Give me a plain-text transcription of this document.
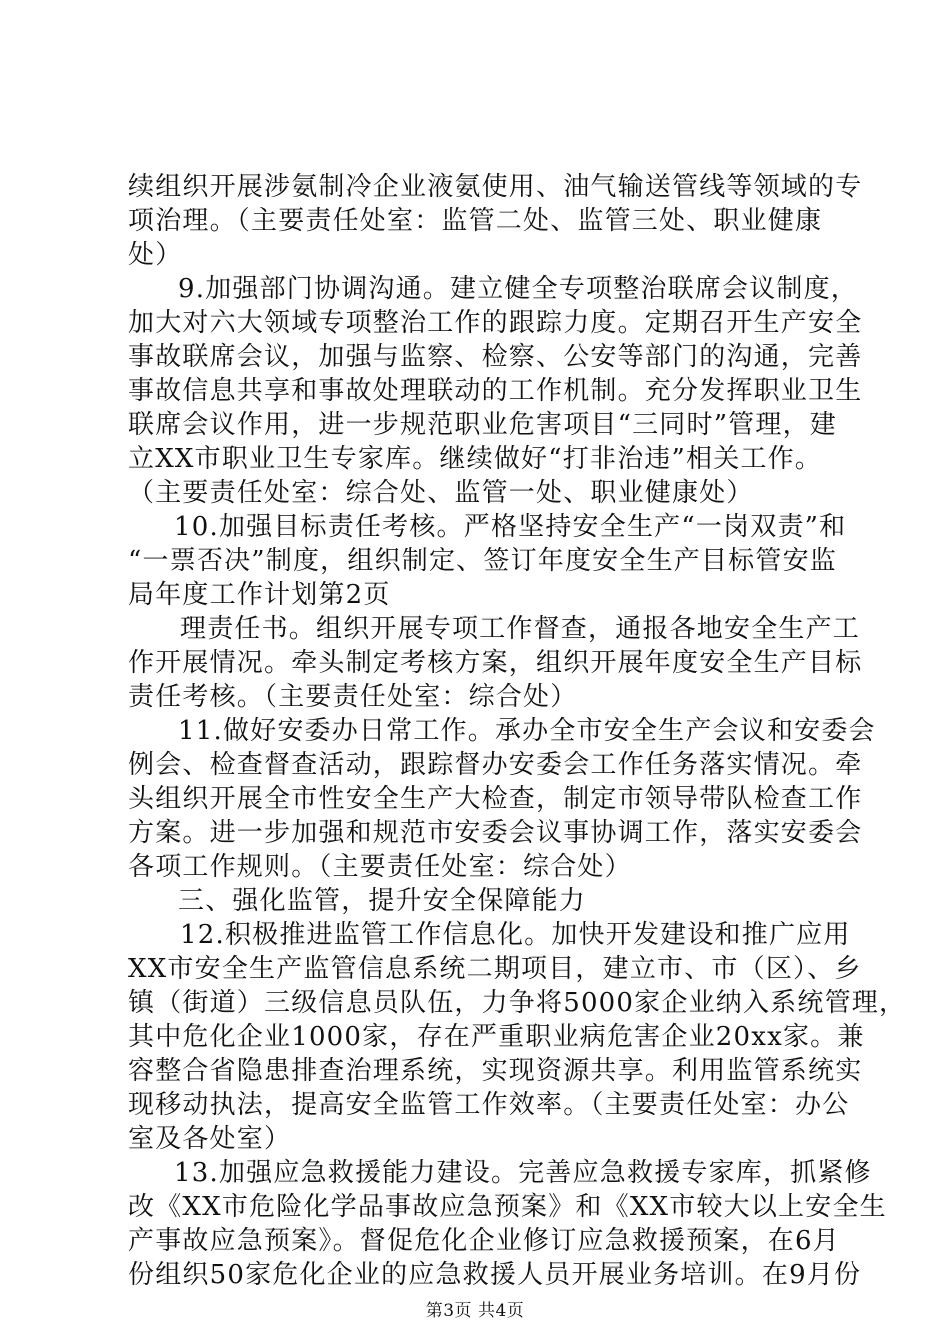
续组织开展涉氨制冷企业液氨使用、油气输送管线等领域的专
项治理。（主要责任处室：监管二处、监管三处、职业健康
处）
9.加强部门协调沟通。建立健全专项整治联席会议制度，
加大对六大领域专项整治工作的跟踪力度。定期召开生产安全
事故联席会议，加强与监察、检察、公安等部门的沟通，完善
事故信息共享和事故处理联动的工作机制。充分发挥职业卫生
联席会议作用，进一步规范职业危害项目“三同时”管理，建
立XX市职业卫生专家库。继续做好“打非治违”相关工作。
（主要责任处室：综合处、监管一处、职业健康处）
10.加强目标责任考核。严格坚持安全生产“一岗双责”和
“一票否决”制度，组织制定、签订年度安全生产目标管安监
局年度工作计划第2页
理责任书。组织开展专项工作督查，通报各地安全生产工
作开展情况。牵头制定考核方案，组织开展年度安全生产目标
责任考核。（主要责任处室：综合处）
11.做好安委办日常工作。承办全市安全生产会议和安委会
例会、检查督查活动，跟踪督办安委会工作任务落实情况。牵
头组织开展全市性安全生产大检查，制定市领导带队检查工作
方案。进一步加强和规范市安委会议事协调工作，落实安委会
各项工作规则。（主要责任处室：综合处）
三、强化监管，提升安全保障能力
12.积极推进监管工作信息化。加快开发建设和推广应用
XX市安全生产监管信息系统二期项目，建立市、市（区）、乡
镇（街道）三级信息员队伍，力争将5000家企业纳入系统管理，
其中危化企业1000家，存在严重职业病危害企业20xx家。兼
容整合省隐患排查治理系统，实现资源共享。利用监管系统实
现移动执法，提高安全监管工作效率。（主要责任处室：办公
室及各处室）
13.加强应急救援能力建设。完善应急救援专家库，抓紧修
改《XX市危险化学品事故应急预案》和《XX市较大以上安全生
产事故应急预案》。督促危化企业修订应急救援预案，在6月
份组织50家危化企业的应急救援人员开展业务培训。在9月份
第3页 共4页
